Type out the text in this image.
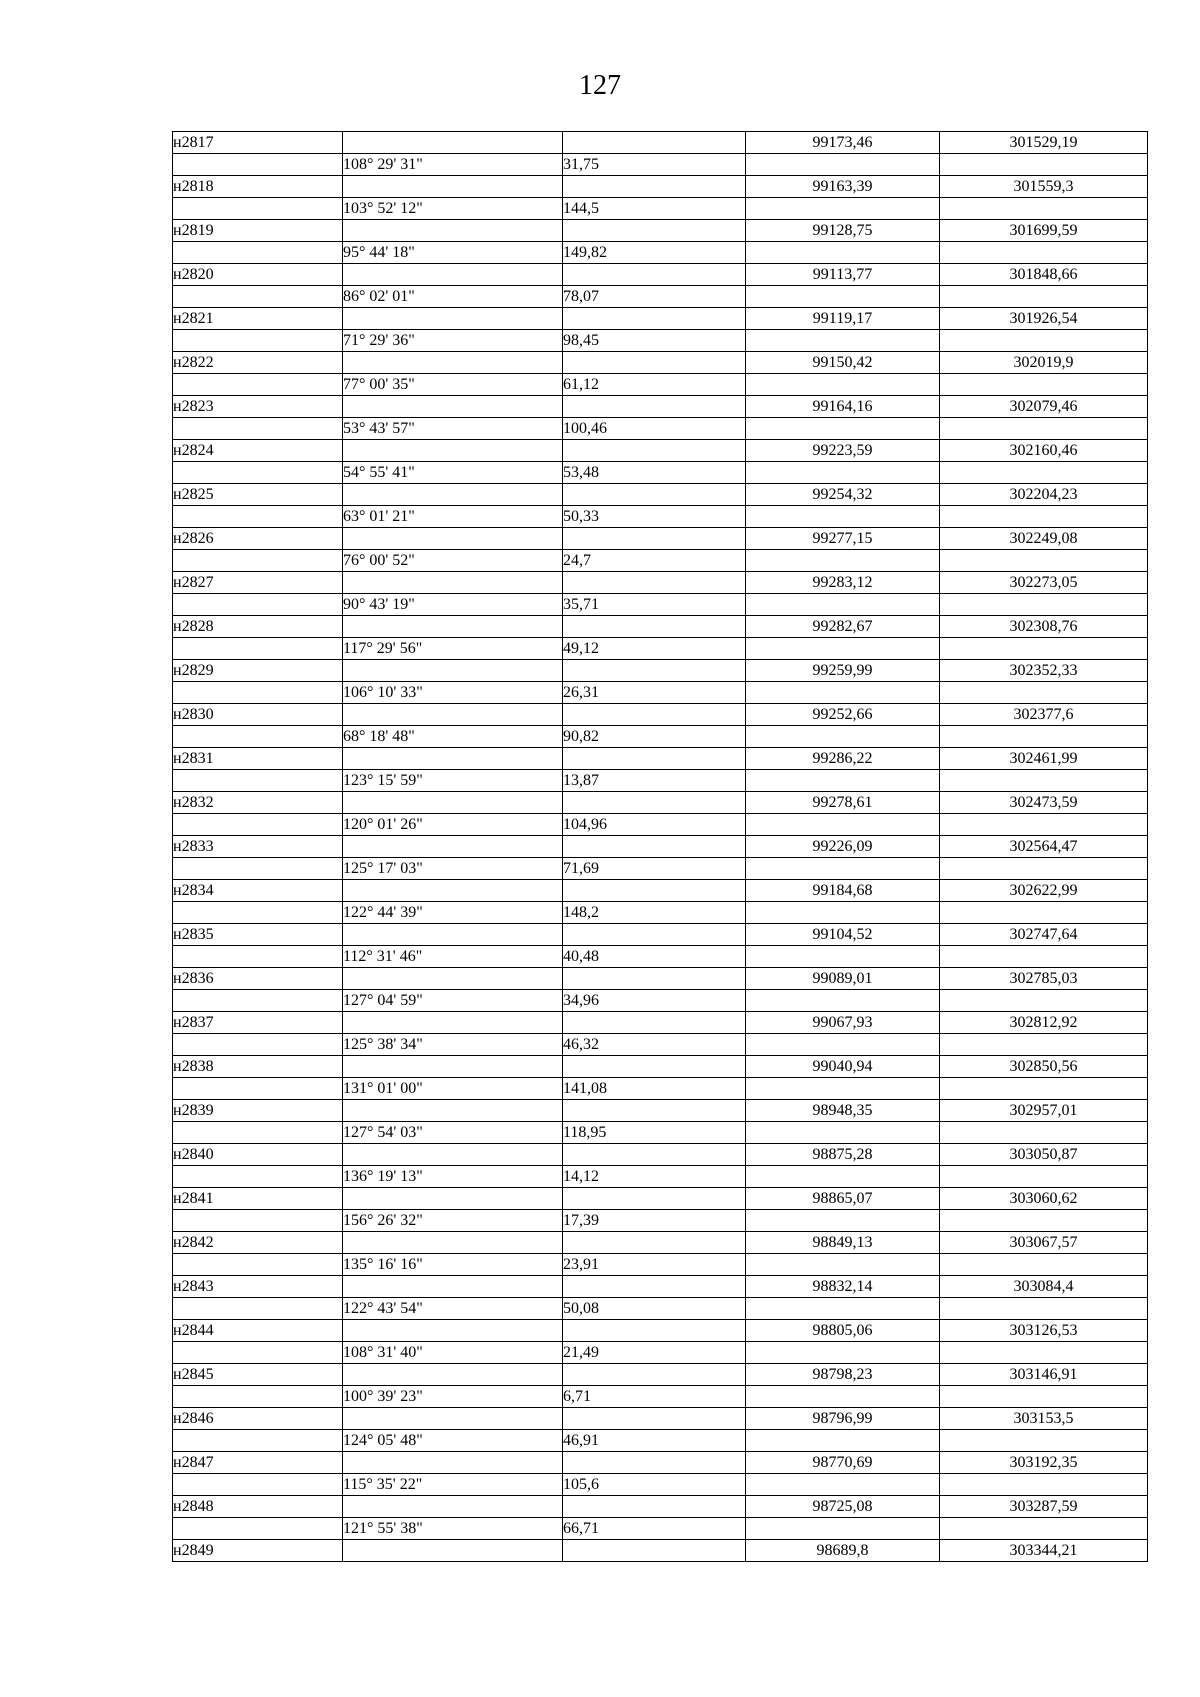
127
н2817			99173,46	301529,19
	108° 29' 31"	31,75		
н2818			99163,39	301559,3
	103° 52' 12"	144,5		
н2819			99128,75	301699,59
	95° 44' 18"	149,82		
н2820			99113,77	301848,66
	86° 02' 01"	78,07		
н2821			99119,17	301926,54
	71° 29' 36"	98,45		
н2822			99150,42	302019,9
	77° 00' 35"	61,12		
н2823			99164,16	302079,46
	53° 43' 57"	100,46		
н2824			99223,59	302160,46
	54° 55' 41"	53,48		
н2825			99254,32	302204,23
	63° 01' 21"	50,33		
н2826			99277,15	302249,08
	76° 00' 52"	24,7		
н2827			99283,12	302273,05
	90° 43' 19"	35,71		
н2828			99282,67	302308,76
	117° 29' 56"	49,12		
н2829			99259,99	302352,33
	106° 10' 33"	26,31		
н2830			99252,66	302377,6
	68° 18' 48"	90,82		
н2831			99286,22	302461,99
	123° 15' 59"	13,87		
н2832			99278,61	302473,59
	120° 01' 26"	104,96		
н2833			99226,09	302564,47
	125° 17' 03"	71,69		
н2834			99184,68	302622,99
	122° 44' 39"	148,2		
н2835			99104,52	302747,64
	112° 31' 46"	40,48		
н2836			99089,01	302785,03
	127° 04' 59"	34,96		
н2837			99067,93	302812,92
	125° 38' 34"	46,32		
н2838			99040,94	302850,56
	131° 01' 00"	141,08		
н2839			98948,35	302957,01
	127° 54' 03"	118,95		
н2840			98875,28	303050,87
	136° 19' 13"	14,12		
н2841			98865,07	303060,62
	156° 26' 32"	17,39		
н2842			98849,13	303067,57
	135° 16' 16"	23,91		
н2843			98832,14	303084,4
	122° 43' 54"	50,08		
н2844			98805,06	303126,53
	108° 31' 40"	21,49		
н2845			98798,23	303146,91
	100° 39' 23"	6,71		
н2846			98796,99	303153,5
	124° 05' 48"	46,91		
н2847			98770,69	303192,35
	115° 35' 22"	105,6		
н2848			98725,08	303287,59
	121° 55' 38"	66,71		
н2849			98689,8	303344,21
